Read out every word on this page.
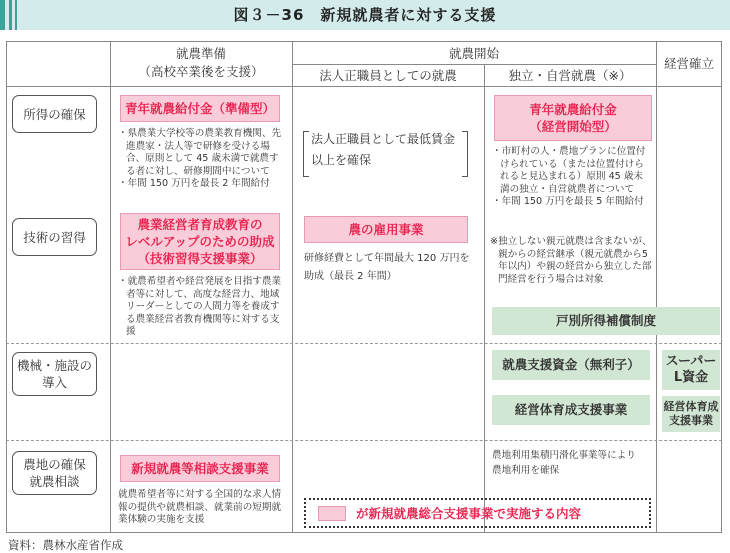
図３－36　新規就農者に対する支援
就農準備
（高校卒業後を支援）
就農開始
法人正職員としての就農	独立・自営就農（※）
経営確立
所得の確保
技術の習得
機械・施設の
導入
農地の確保
就農相談
青年就農給付金（準備型）
・県農業大学校等の農業教育機関、先進農家・法人等で研修を受ける場合、原則として 45 歳未満で就農する者に対し、研修期間中について
・年間 150 万円を最長 2 年間給付
農業経営者育成教育の
レベルアップのための助成
（技術習得支援事業）
・就農希望者や経営発展を目指す農業者等に対して、高度な経営力、地域リーダーとしての人間力等を養成する農業経営者教育機関等に対する支援
法人正職員として最低賃金
以上を確保
農の雇用事業
研修経費として年間最大 120 万円を
助成（最長 2 年間）
青年就農給付金
（経営開始型）
・市町村の人・農地プランに位置付けられている（または位置付けられると見込まれる）原則 45 歳未満の独立・自営就農者について
・年間 150 万円を最長 5 年間給付
※独立しない親元就農は含まないが、親からの経営継承（親元就農から5年以内）や親の経営から独立した部門経営を行う場合は対象
戸別所得補償制度
就農支援資金（無利子）
経営体育成支援事業
スーパー
L資金
経営体育成
支援事業
新規就農等相談支援事業
就農希望者等に対する全国的な求人情報の提供や就農相談、就業前の短期就業体験の実施を支援
農地利用集積円滑化事業等により
農地利用を確保
が新規就農総合支援事業で実施する内容
資料：農林水産省作成
